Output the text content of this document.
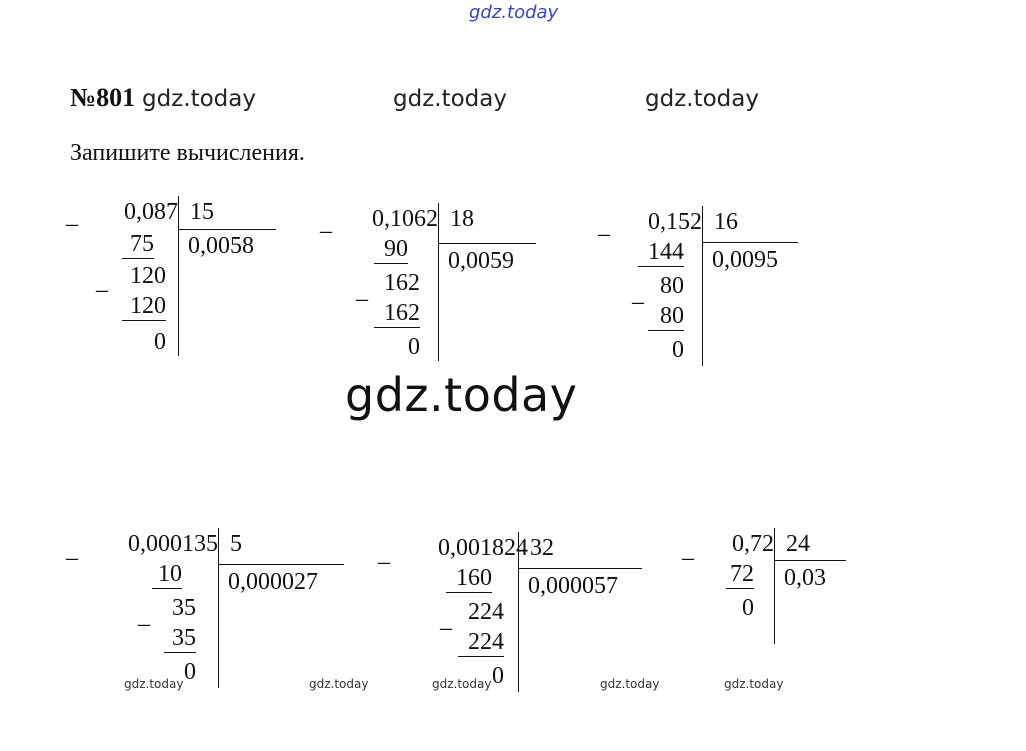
gdz.today
gdz.today	gdz.today	gdz.today
gdz.today
gdz.today	gdz.today	gdz.today	gdz.today	gdz.today
№801
Запишите вычисления.
_	0,087 15
0,0058
75
_ 120
120
0
_	0,1062 18
0,0059
90
_ 162
162
0
_	0,152 16
0,0095
144
_ 80
80
0
_	0,000135 5
0,000027
10
_ 35
35
0
_	0,001824 32
0,000057
160
_ 224
224
0
_	0,72 24
0,03
72
0
